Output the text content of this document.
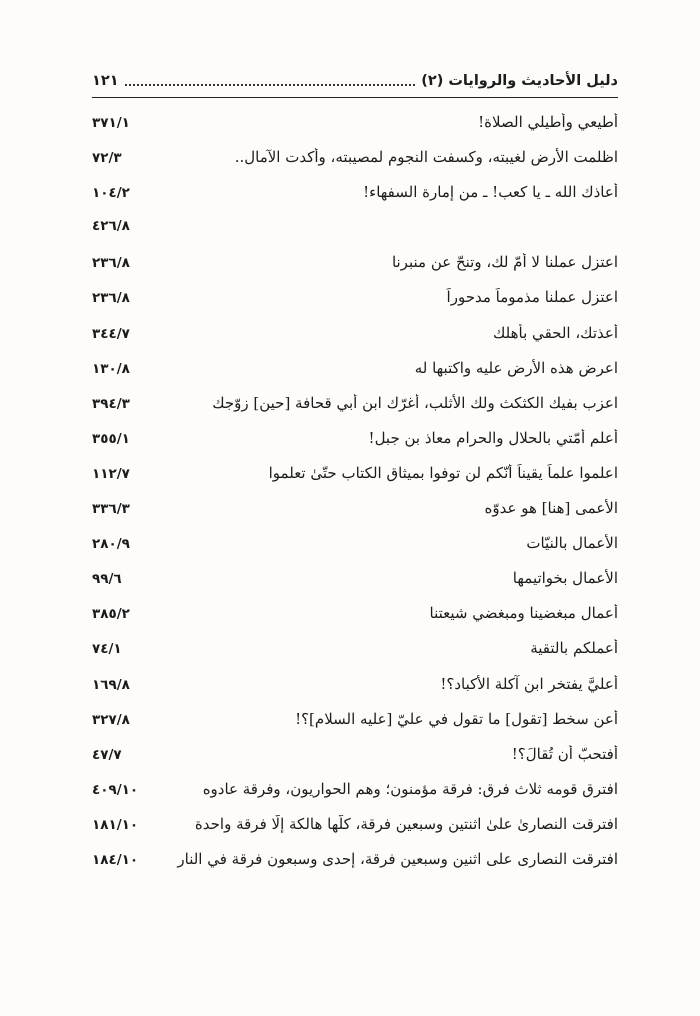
دليل الأحاديث والروايات (٢)
١٢١
أطيعي وأطيلي الصلاة!
٣٧١/١
اظلمت الأرض لغيبته، وكسفت النجوم لمصيبته، وأكدت الآمال..
٧٢/٣
أعاذك الله ـ يا كعب! ـ من إمارة السفهاء!
١٠٤/٢
٤٢٦/٨
اعتزل عملنا لا أُمّ لك، وتنحّ عن منبرنا
٢٣٦/٨
اعتزل عملنا مذموماً مدحوراً
٢٣٦/٨
أعذتك، الحقي بأهلك
٣٤٤/٧
اعرض هذه الأرض عليه واكتبها له
١٣٠/٨
اعزب بفيك الكثكث ولك الأثلب، أغرّك ابن أبي قحافة [حين] زوّجك
٣٩٤/٣
أعلم أُمّتي بالحلال والحرام معاذ بن جبل!
٣٥٥/١
اعلموا علماً يقيناً أنّكم لن توفوا بميثاق الكتاب حتّىٰ تعلموا
١١٢/٧
الأعمى [هنا] هو عدوّه
٣٣٦/٣
الأعمال بالنيّات
٢٨٠/٩
الأعمال بخواتيمها
٩٩/٦
أعمال مبغضينا ومبغضي شيعتنا
٣٨٥/٢
أعملكم بالتقية
٧٤/١
أعليَّ يفتخر ابن آكلة الأكباد؟!
١٦٩/٨
أعن سخط [تقول] ما تقول في عليّ [عليه السلام]؟!
٣٢٧/٨
أفتحبّ أن تُقالَ؟!
٤٧/٧
افترق قومه ثلاث فرق: فرقة مؤمنون؛ وهم الحواريون، وفرقة عادوه
٤٠٩/١٠
افترقت النصارىٰ علىٰ اثنتين وسبعين فرقة، كلّها هالكة إلّا فرقة واحدة
١٨١/١٠
افترقت النصارى على اثنين وسبعين فرقة، إحدى وسبعون فرقة في النار
١٨٤/١٠
